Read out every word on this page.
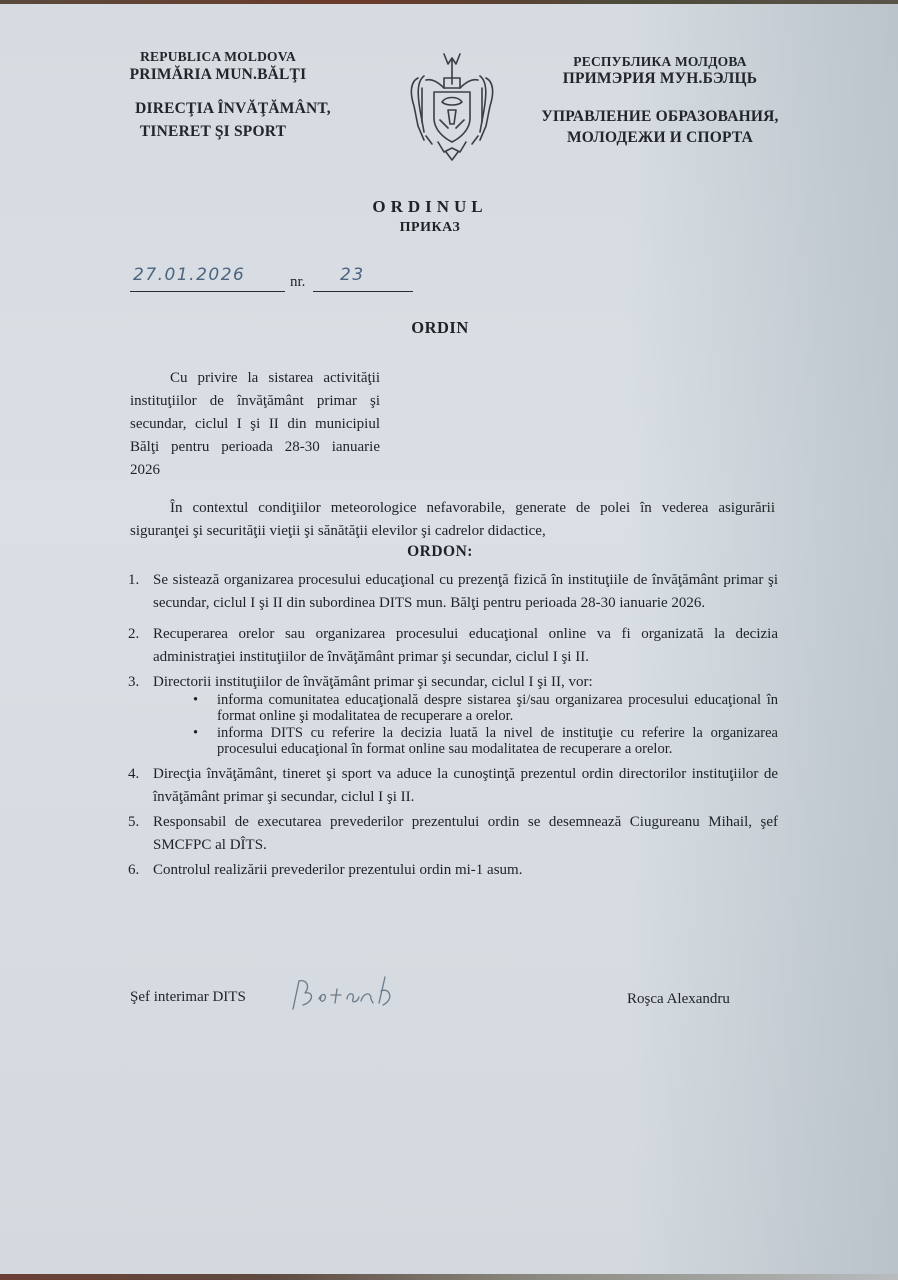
REPUBLICA MOLDOVA
PRIMĂRIA MUN.BĂLŢI
DIRECŢIA ÎNVĂŢĂMÂNT,
TINERET ŞI SPORT
РЕСПУБЛИКА МОЛДОВА
ПРИМЭРИЯ МУН.БЭЛЦЬ
УПРАВЛЕНИЕ ОБРАЗОВАНИЯ,
МОЛОДЕЖИ И СПОРТА
ORDINUL
ПРИКАЗ
27.01.2026	nr. 23
ORDIN
Cu privire la sistarea activităţii instituţiilor de învăţământ primar şi secundar, ciclul I şi II din municipiul Bălţi pentru perioada 28-30 ianuarie 2026
În contextul condiţiilor meteorologice nefavorabile, generate de polei în vederea asigurării siguranţei şi securităţii vieţii şi sănătăţii elevilor şi cadrelor didactice,
ORDON:
1. Se sistează organizarea procesului educaţional cu prezenţă fizică în instituţiile de învăţământ primar şi secundar, ciclul I şi II din subordinea DITS mun. Bălţi pentru perioada 28-30 ianuarie 2026.
2. Recuperarea orelor sau organizarea procesului educaţional online va fi organizată la decizia administraţiei instituţiilor de învăţământ primar şi secundar, ciclul I şi II.
3. Directorii instituţiilor de învăţământ primar şi secundar, ciclul I şi II, vor:
• informa comunitatea educaţională despre sistarea şi/sau organizarea procesului educaţional în format online şi modalitatea de recuperare a orelor.
• informa DITS cu referire la decizia luată la nivel de instituţie cu referire la organizarea procesului educaţional în format online sau modalitatea de recuperare a orelor.
4. Direcţia învăţământ, tineret şi sport va aduce la cunoştinţă prezentul ordin directorilor instituţiilor de învăţământ primar şi secundar, ciclul I şi II.
5. Responsabil de executarea prevederilor prezentului ordin se desemnează Ciugureanu Mihail, şef SMCFPC al DÎTS.
6. Controlul realizării prevederilor prezentului ordin mi-1 asum.
Şef interimar DITS	Roşca Alexandru
